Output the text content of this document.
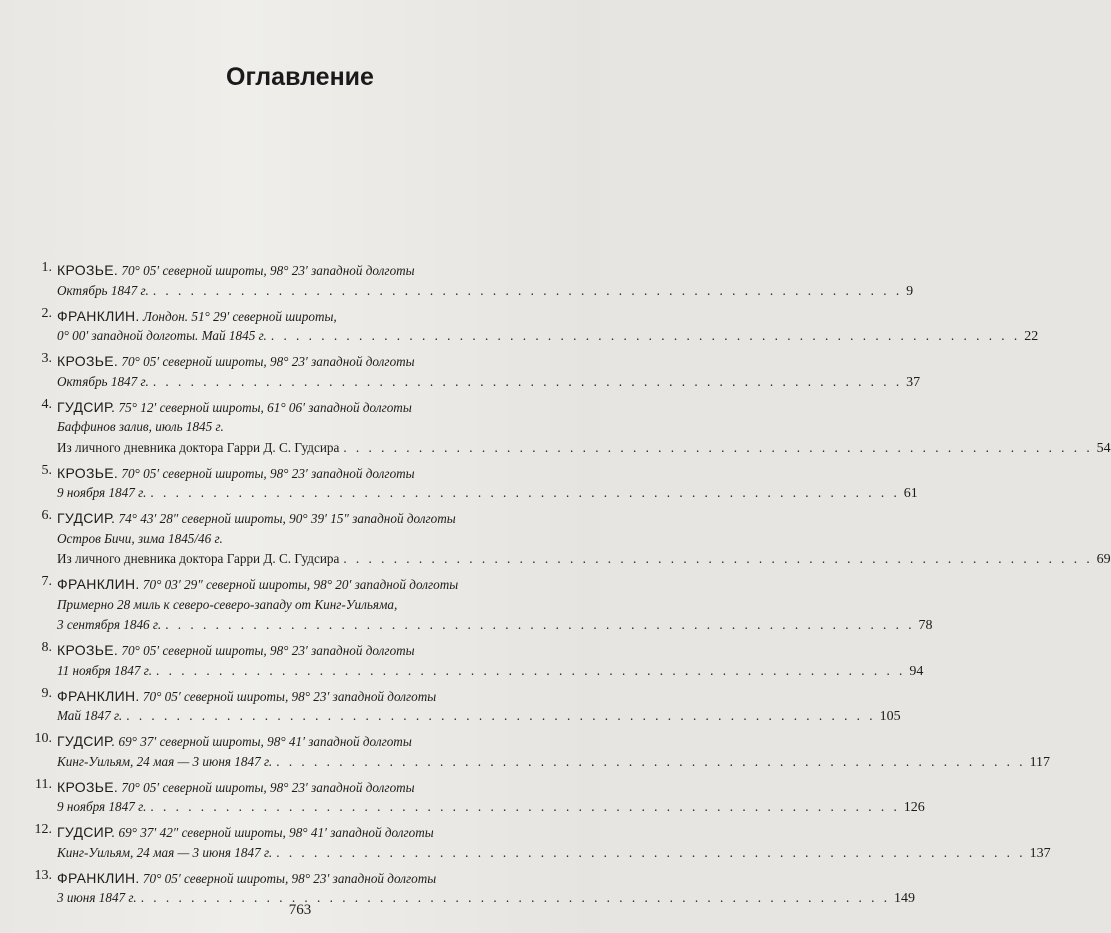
Оглавление
1. КРОЗЬЕ. 70° 05′ северной широты, 98° 23′ западной долготы
Октябрь 1847 г. . . . . . . . . . . . . . . . . . . . . . . . . . . . . . . . . . . . . . . . . . . . . . . . . . . . . . . . . . . . . 9
2. ФРАНКЛИН. Лондон. 51° 29′ северной широты,
0° 00′ западной долготы. Май 1845 г. . . . . . . . . . . . . . . . . . . . . . . . . . . . . . . . . . . . . . . . . . . . . . . . . . . . . . . . . . . . . 22
3. КРОЗЬЕ. 70° 05′ северной широты, 98° 23′ западной долготы
Октябрь 1847 г. . . . . . . . . . . . . . . . . . . . . . . . . . . . . . . . . . . . . . . . . . . . . . . . . . . . . . . . . . . . . 37
4. ГУДСИР. 75° 12′ северной широты, 61° 06′ западной долготы
Баффинов залив, июль 1845 г.
Из личного дневника доктора Гарри Д. С. Гудсира . . . . . . . . . . . . . . . . . . . . . . . . . . . . . . . . . . . . . . . . . . . . . . . . . . . . . . . . . . . . 54
5. КРОЗЬЕ. 70° 05′ северной широты, 98° 23′ западной долготы
9 ноября 1847 г. . . . . . . . . . . . . . . . . . . . . . . . . . . . . . . . . . . . . . . . . . . . . . . . . . . . . . . . . . . . . 61
6. ГУДСИР. 74° 43′ 28″ северной широты, 90° 39′ 15″ западной долготы
Остров Бичи, зима 1845/46 г.
Из личного дневника доктора Гарри Д. С. Гудсира . . . . . . . . . . . . . . . . . . . . . . . . . . . . . . . . . . . . . . . . . . . . . . . . . . . . . . . . . . . . 69
7. ФРАНКЛИН. 70° 03′ 29″ северной широты, 98° 20′ западной долготы
Примерно 28 миль к северо-северо-западу от Кинг-Уильяма,
3 сентября 1846 г. . . . . . . . . . . . . . . . . . . . . . . . . . . . . . . . . . . . . . . . . . . . . . . . . . . . . . . . . . . . . 78
8. КРОЗЬЕ. 70° 05′ северной широты, 98° 23′ западной долготы
11 ноября 1847 г. . . . . . . . . . . . . . . . . . . . . . . . . . . . . . . . . . . . . . . . . . . . . . . . . . . . . . . . . . . . . 94
9. ФРАНКЛИН. 70° 05′ северной широты, 98° 23′ западной долготы
Май 1847 г. . . . . . . . . . . . . . . . . . . . . . . . . . . . . . . . . . . . . . . . . . . . . . . . . . . . . . . . . . . . . 105
10. ГУДСИР. 69° 37′ северной широты, 98° 41′ западной долготы
Кинг-Уильям, 24 мая — 3 июня 1847 г. . . . . . . . . . . . . . . . . . . . . . . . . . . . . . . . . . . . . . . . . . . . . . . . . . . . . . . . . . . . . 117
11. КРОЗЬЕ. 70° 05′ северной широты, 98° 23′ западной долготы
9 ноября 1847 г. . . . . . . . . . . . . . . . . . . . . . . . . . . . . . . . . . . . . . . . . . . . . . . . . . . . . . . . . . . . . 126
12. ГУДСИР. 69° 37′ 42″ северной широты, 98° 41′ западной долготы
Кинг-Уильям, 24 мая — 3 июня 1847 г. . . . . . . . . . . . . . . . . . . . . . . . . . . . . . . . . . . . . . . . . . . . . . . . . . . . . . . . . . . . . 137
13. ФРАНКЛИН. 70° 05′ северной широты, 98° 23′ западной долготы
3 июня 1847 г. . . . . . . . . . . . . . . . . . . . . . . . . . . . . . . . . . . . . . . . . . . . . . . . . . . . . . . . . . . . . 149
763
